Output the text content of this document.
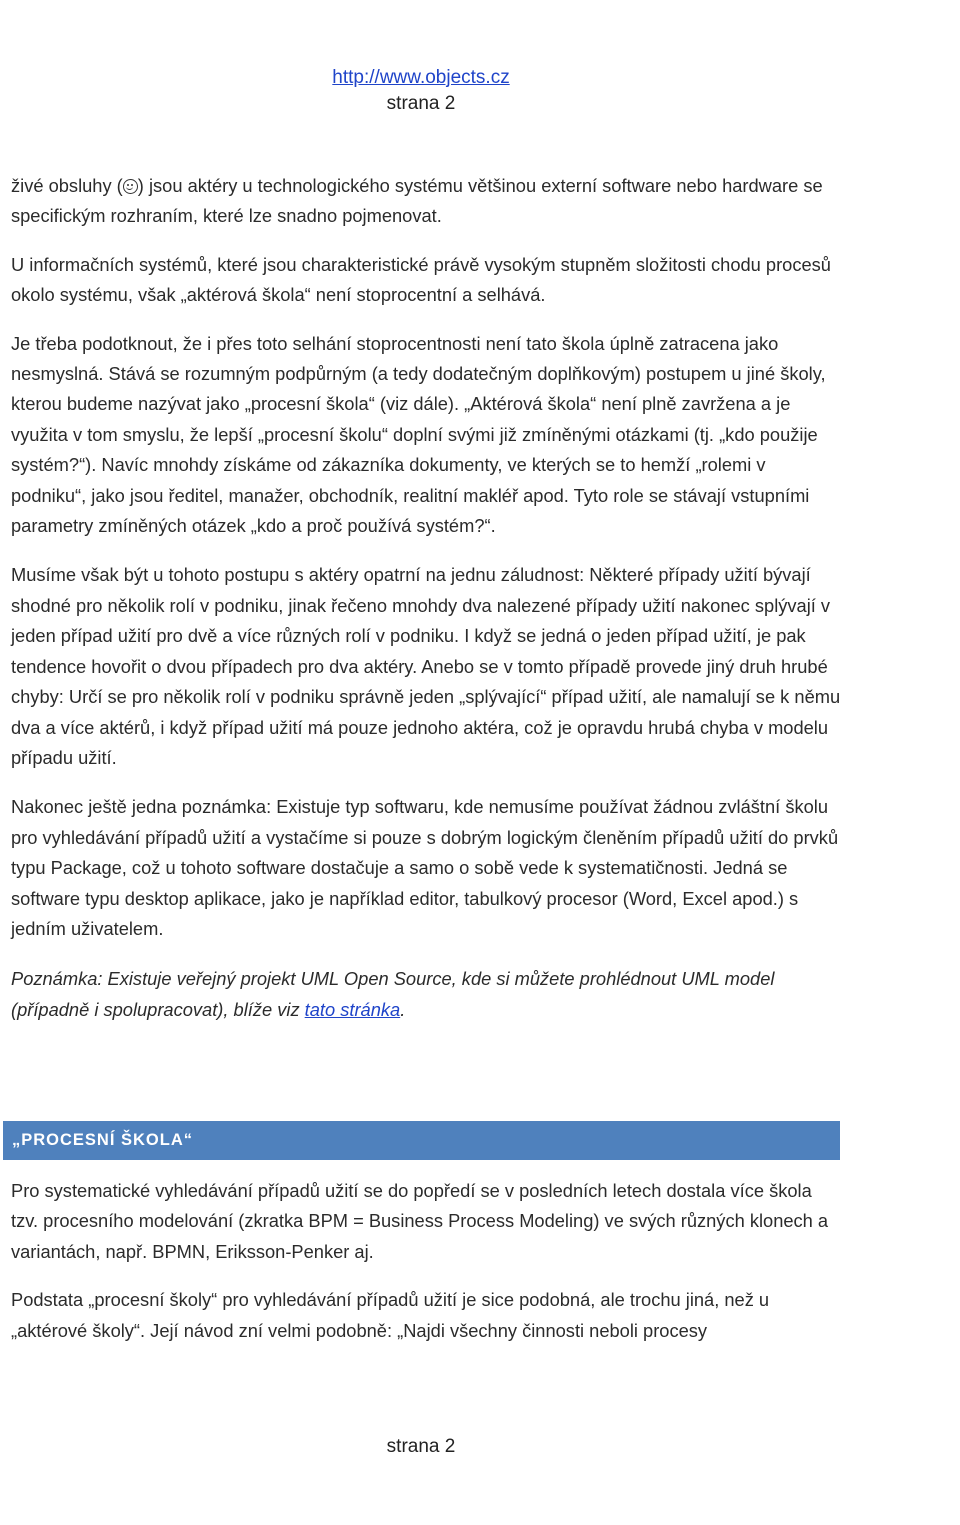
http://www.objects.cz
strana 2

živé obsluhy ( ) jsou aktéry u technologického systému většinou externí software nebo hardware se specifickým rozhraním, které lze snadno pojmenovat.

U informačních systémů, které jsou charakteristické právě vysokým stupněm složitosti chodu procesů okolo systému, však „aktérová škola“ není stoprocentní a selhává.

Je třeba podotknout, že i přes toto selhání stoprocentnosti není tato škola úplně zatracena jako nesmyslná. Stává se rozumným podpůrným (a tedy dodatečným doplňkovým) postupem u jiné školy, kterou budeme nazývat jako „procesní škola“ (viz dále). „Aktérová škola“ není plně zavržena a je využita v tom smyslu, že lepší „procesní školu“ doplní svými již zmíněnými otázkami (tj. „kdo použije systém?“). Navíc mnohdy získáme od zákazníka dokumenty, ve kterých se to hemží „rolemi v podniku“, jako jsou ředitel, manažer, obchodník, realitní makléř apod. Tyto role se stávají vstupními parametry zmíněných otázek „kdo a proč používá systém?“.

Musíme však být u tohoto postupu s aktéry opatrní na jednu záludnost: Některé případy užití bývají shodné pro několik rolí v podniku, jinak řečeno mnohdy dva nalezené případy užití nakonec splývají v jeden případ užití pro dvě a více různých rolí v podniku. I když se jedná o jeden případ užití, je pak tendence hovořit o dvou případech pro dva aktéry. Anebo se v tomto případě provede jiný druh hrubé chyby: Určí se pro několik rolí v podniku správně jeden „splývající“ případ užití, ale namalují se k němu dva a více aktérů, i když případ užití má pouze jednoho aktéra, což je opravdu hrubá chyba v modelu případu užití.

Nakonec ještě jedna poznámka: Existuje typ softwaru, kde nemusíme používat žádnou zvláštní školu pro vyhledávání případů užití a vystačíme si pouze s dobrým logickým členěním případů užití do prvků typu Package, což u tohoto software dostačuje a samo o sobě vede k systematičnosti. Jedná se software typu desktop aplikace, jako je například editor, tabulkový procesor (Word, Excel apod.) s jedním uživatelem.

Poznámka: Existuje veřejný projekt UML Open Source, kde si můžete prohlédnout UML model (případně i spolupracovat), blíže viz tato stránka.

„PROCESNÍ ŠKOLA“

Pro systematické vyhledávání případů užití se do popředí se v posledních letech dostala více škola tzv. procesního modelování (zkratka BPM = Business Process Modeling) ve svých různých klonech a variantách, např. BPMN, Eriksson-Penker aj.

Podstata „procesní školy“ pro vyhledávání případů užití je sice podobná, ale trochu jiná, než u „aktérové školy“. Její návod zní velmi podobně: „Najdi všechny činnosti neboli procesy

strana 2
